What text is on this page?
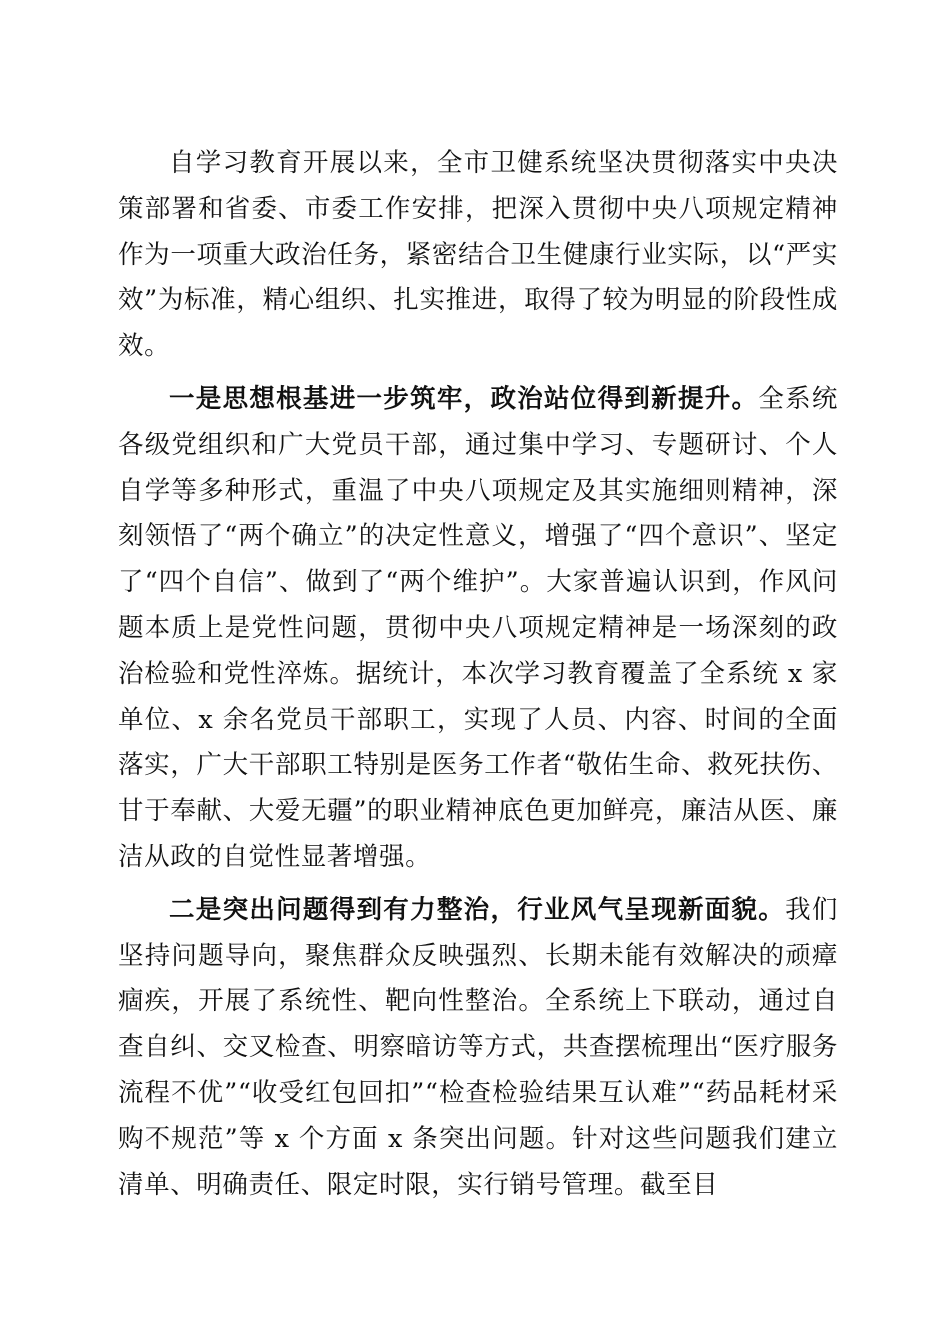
自学习教育开展以来，全市卫健系统坚决贯彻落实中央决策部署和省委、市委工作安排，把深入贯彻中央八项规定精神作为一项重大政治任务，紧密结合卫生健康行业实际，以“严实效”为标准，精心组织、扎实推进，取得了较为明显的阶段性成效。

一是思想根基进一步筑牢，政治站位得到新提升。全系统各级党组织和广大党员干部，通过集中学习、专题研讨、个人自学等多种形式，重温了中央八项规定及其实施细则精神，深刻领悟了“两个确立”的决定性意义，增强了“四个意识”、坚定了“四个自信”、做到了“两个维护”。大家普遍认识到，作风问题本质上是党性问题，贯彻中央八项规定精神是一场深刻的政治检验和党性淬炼。据统计，本次学习教育覆盖了全系统 x 家单位、x 余名党员干部职工，实现了人员、内容、时间的全面落实，广大干部职工特别是医务工作者“敬佑生命、救死扶伤、甘于奉献、大爱无疆”的职业精神底色更加鲜亮，廉洁从医、廉洁从政的自觉性显著增强。

二是突出问题得到有力整治，行业风气呈现新面貌。我们坚持问题导向，聚焦群众反映强烈、长期未能有效解决的顽瘴痼疾，开展了系统性、靶向性整治。全系统上下联动，通过自查自纠、交叉检查、明察暗访等方式，共查摆梳理出“医疗服务流程不优”“收受红包回扣”“检查检验结果互认难”“药品耗材采购不规范”等 x 个方面 x 条突出问题。针对这些问题我们建立清单、明确责任、限定时限，实行销号管理。截至目
